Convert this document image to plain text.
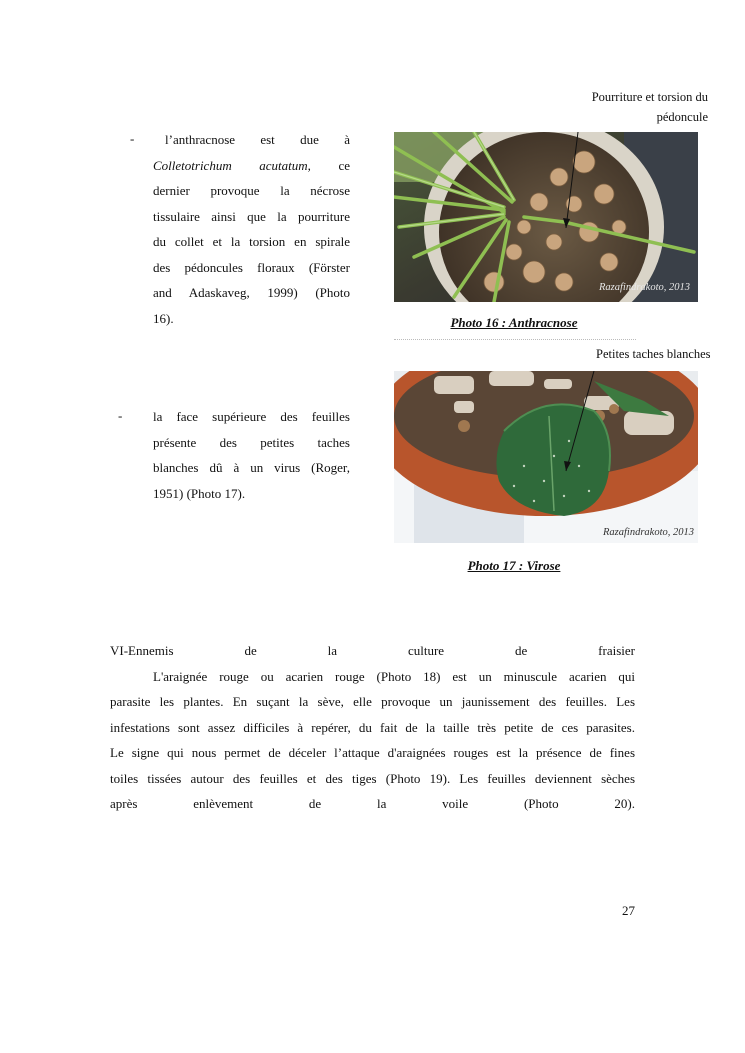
Pourriture et torsion du
pédoncule
-	l’anthracnose est due à
Colletotrichum acutatum, ce
dernier provoque la nécrose
tissulaire ainsi que la pourriture
du collet et la torsion en spirale
des pédoncules floraux (Förster
and Adaskaveg, 1999) (Photo
16).
Razafindrakoto, 2013
Photo 16 : Anthracnose
Petites taches blanches
- la face supérieure des feuilles
présente des petites taches
blanches dû à un virus (Roger,
1951) (Photo 17).
Razafindrakoto, 2013
Photo 17 : Virose
VI-Ennemis de la culture de fraisier
L'araignée rouge ou acarien rouge (Photo 18) est un minuscule acarien qui
parasite les plantes. En suçant la sève, elle provoque un jaunissement des feuilles. Les
infestations sont assez difficiles à repérer, du fait de la taille très petite de ces parasites.
Le signe qui nous permet de déceler l’attaque d'araignées rouges est la présence de fines
toiles tissées autour des feuilles et des tiges (Photo 19). Les feuilles deviennent sèches
après enlèvement de la voile (Photo 20).
27
